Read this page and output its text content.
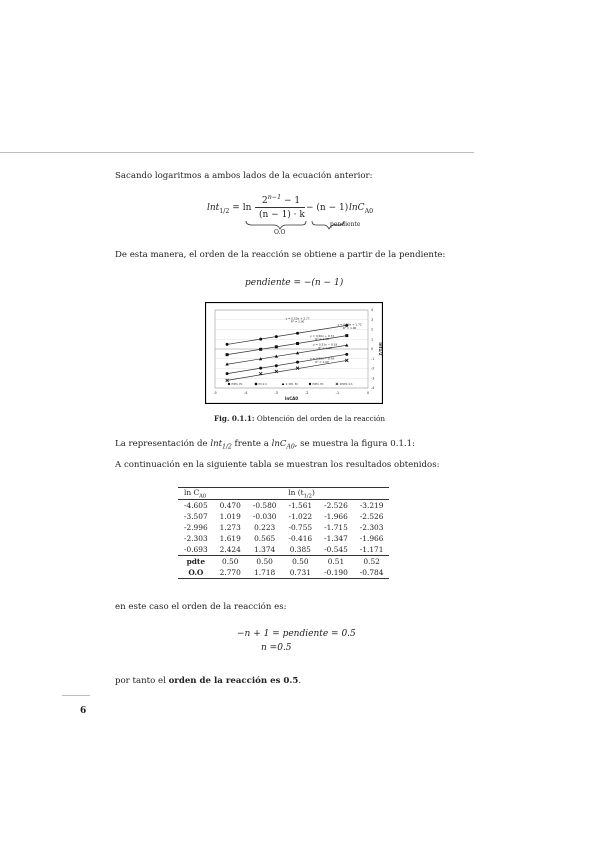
Sacando logaritmos a ambos lados de la ecuación anterior:

lnt$_{1/2}$ = ln
$2^{n-1} - 1$
(n − 1) · k
− (n − 1) lnC$_{A0}$
O.O
pendiente

De esta manera, el orden de la reacción se obtiene a partir de la pendiente:

pendiente = −(n − 1)
-5	-4	-3	-2	-1	0
4
3
2
1
0
-1
-2
-3
-4
lnCA0
lnt1/2
y = 0.50x + 2.77
R² = 1.00
y = 0.50x + 1.72
R² = 1.00
y = 0.50x + 0.73
R² = 1.00
y = 0.51x − 0.19
R² = 1.00
y = 0.52x − 0.78
R² = 1.00
ЮЮ, Ю	Ю:1:1	1:1Ю, Ю	ЮЮ, Ю	1ЮЮ:1:1
Fig. 0.1.1: Obtención del orden de la reacción

La representación de lnt$_{1/2}$ frente a lnC$_{A0}$, se muestra la figura 0.1.1:

A continuación en la siguiente tabla se muestran los resultados obtenidos:

$\ln C_{A0}$	$\ln (t_{1/2})$				
-4.605	0.470	-0.580	-1.561	-2.526	-3.219
-3.507	1.019	-0.030	-1.022	-1.966	-2.526
-2.996	1.273	0.223	-0.755	-1.715	-2.303
-2.303	1.619	0.565	-0.416	-1.347	-1.966
-0.693	2.424	1.374	0.385	-0.545	-1.171
pdte	0.50	0.50	0.50	0.51	0.52
O.O	2.770	1.718	0.731	-0.190	-0.784

en este caso el orden de la reacción es:

−n + 1 = pendiente = 0.5
n =0.5

por tanto el orden de la reacción es 0.5.

6
